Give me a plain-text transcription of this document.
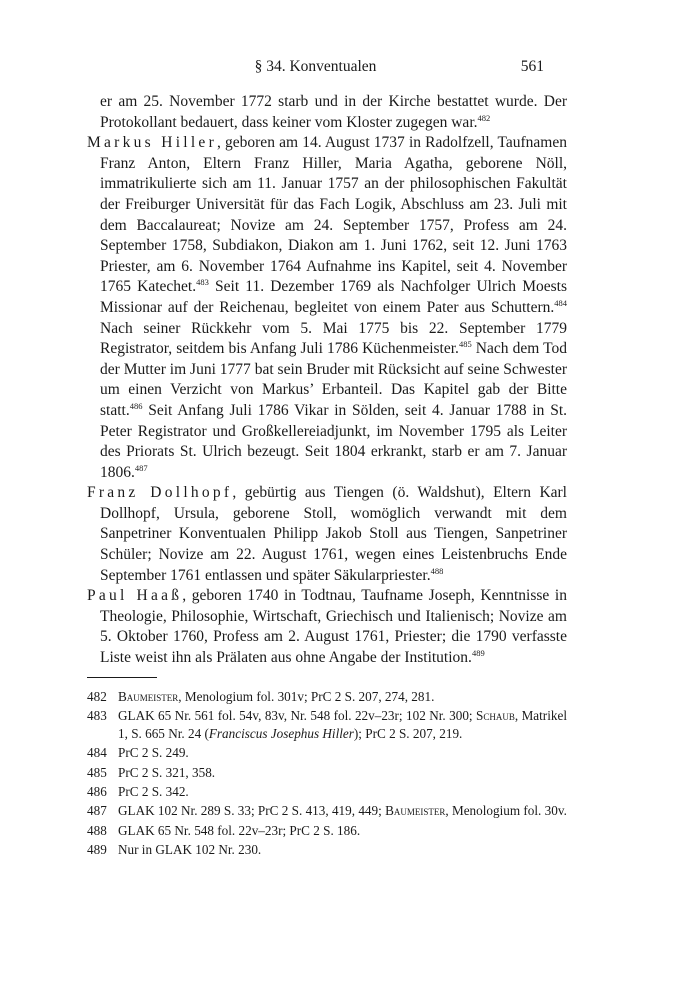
§ 34. Konventualen	561

er am 25. November 1772 starb und in der Kirche bestattet wurde. Der Protokollant bedauert, dass keiner vom Kloster zugegen war.$^{482}$

Markus Hiller, geboren am 14. August 1737 in Radolfzell, Taufnamen Franz Anton, Eltern Franz Hiller, Maria Agatha, geborene Nöll, immatrikulierte sich am 11. Januar 1757 an der philosophischen Fakultät der Freiburger Universität für das Fach Logik, Abschluss am 23. Juli mit dem Baccalaureat; Novize am 24. September 1757, Profess am 24. September 1758, Subdiakon, Diakon am 1. Juni 1762, seit 12. Juni 1763 Priester, am 6. November 1764 Aufnahme ins Kapitel, seit 4. November 1765 Katechet.$^{483}$ Seit 11. Dezember 1769 als Nachfolger Ulrich Moests Missionar auf der Reichenau, begleitet von einem Pater aus Schuttern.$^{484}$ Nach seiner Rückkehr vom 5. Mai 1775 bis 22. September 1779 Registrator, seitdem bis Anfang Juli 1786 Küchenmeister.$^{485}$ Nach dem Tod der Mutter im Juni 1777 bat sein Bruder mit Rücksicht auf seine Schwester um einen Verzicht von Markus’ Erbanteil. Das Kapitel gab der Bitte statt.$^{486}$ Seit Anfang Juli 1786 Vikar in Sölden, seit 4. Januar 1788 in St. Peter Registrator und Großkellereiadjunkt, im November 1795 als Leiter des Priorats St. Ulrich bezeugt. Seit 1804 erkrankt, starb er am 7. Januar 1806.$^{487}$

Franz Dollhopf, gebürtig aus Tiengen (ö. Waldshut), Eltern Karl Dollhopf, Ursula, geborene Stoll, womöglich verwandt mit dem Sanpetriner Konventualen Philipp Jakob Stoll aus Tiengen, Sanpetriner Schüler; Novize am 22. August 1761, wegen eines Leistenbruchs Ende September 1761 entlassen und später Säkularpriester.$^{488}$

Paul Haaß, geboren 1740 in Todtnau, Taufname Joseph, Kenntnisse in Theologie, Philosophie, Wirtschaft, Griechisch und Italienisch; Novize am 5. Oktober 1760, Profess am 2. August 1761, Priester; die 1790 verfasste Liste weist ihn als Prälaten aus ohne Angabe der Institution.$^{489}$

482 Baumeister, Menologium fol. 301v; PrC 2 S. 207, 274, 281.
483 GLAK 65 Nr. 561 fol. 54v, 83v, Nr. 548 fol. 22v–23r; 102 Nr. 300; Schaub, Matrikel 1, S. 665 Nr. 24 (Franciscus Josephus Hiller); PrC 2 S. 207, 219.
484 PrC 2 S. 249.
485 PrC 2 S. 321, 358.
486 PrC 2 S. 342.
487 GLAK 102 Nr. 289 S. 33; PrC 2 S. 413, 419, 449; Baumeister, Menologium fol. 30v.
488 GLAK 65 Nr. 548 fol. 22v–23r; PrC 2 S. 186.
489 Nur in GLAK 102 Nr. 230.
